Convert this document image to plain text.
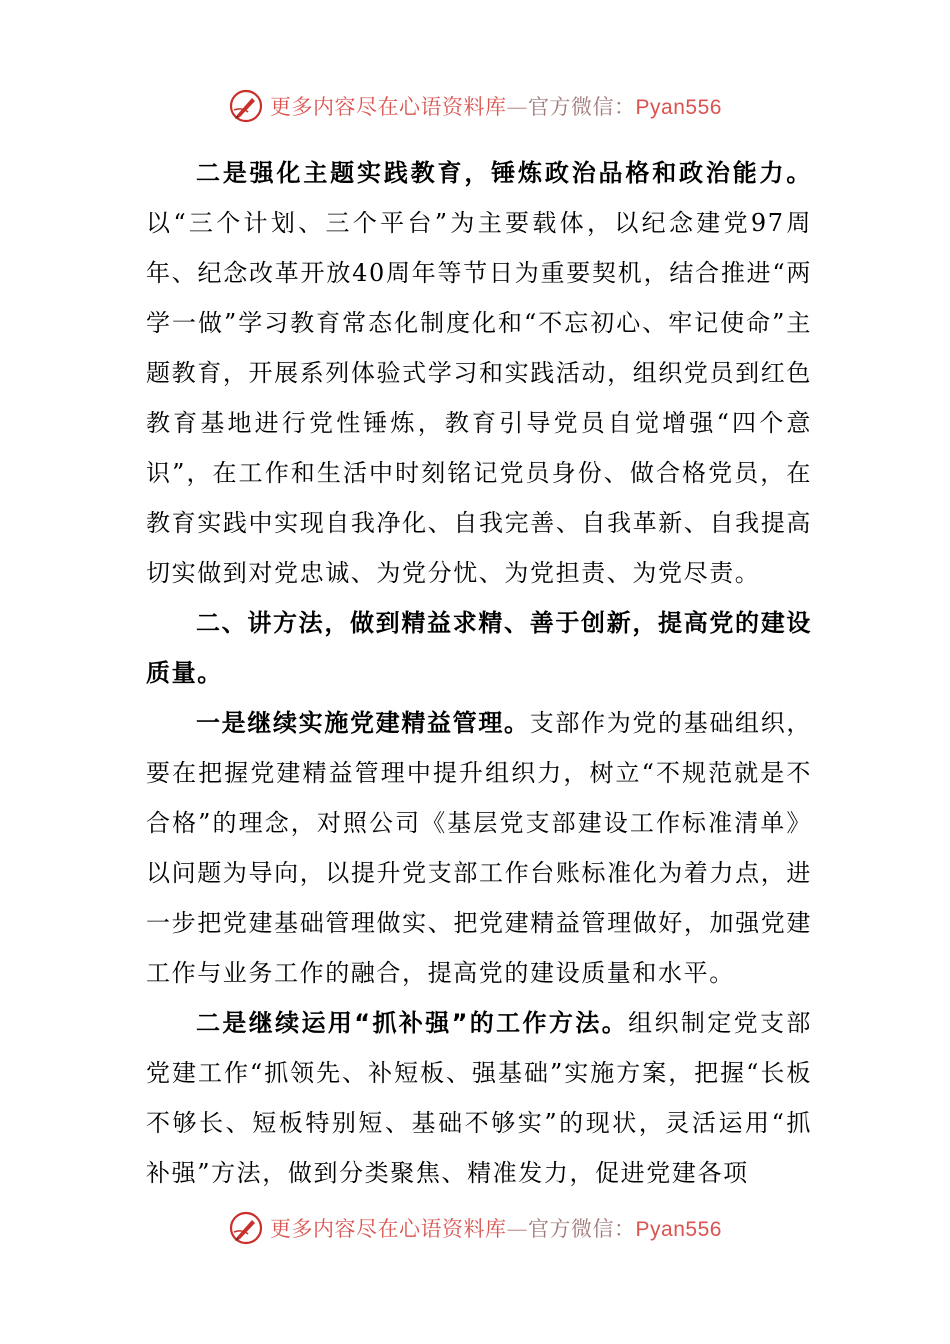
更多内容尽在心语资料库—官方微信：Pyan556

二是强化主题实践教育，锤炼政治品格和政治能力。以“三个计划、三个平台”为主要载体，以纪念建党97周年、纪念改革开放40周年等节日为重要契机，结合推进“两学一做”学习教育常态化制度化和“不忘初心、牢记使命”主题教育，开展系列体验式学习和实践活动，组织党员到红色教育基地进行党性锤炼，教育引导党员自觉增强“四个意识”，在工作和生活中时刻铭记党员身份、做合格党员，在教育实践中实现自我净化、自我完善、自我革新、自我提高切实做到对党忠诚、为党分忧、为党担责、为党尽责。

二、讲方法，做到精益求精、善于创新，提高党的建设质量。

一是继续实施党建精益管理。支部作为党的基础组织，要在把握党建精益管理中提升组织力，树立“不规范就是不合格”的理念，对照公司《基层党支部建设工作标准清单》以问题为导向，以提升党支部工作台账标准化为着力点，进一步把党建基础管理做实、把党建精益管理做好，加强党建工作与业务工作的融合，提高党的建设质量和水平。

二是继续运用“抓补强”的工作方法。组织制定党支部党建工作“抓领先、补短板、强基础”实施方案，把握“长板不够长、短板特别短、基础不够实”的现状，灵活运用“抓补强”方法，做到分类聚焦、精准发力，促进党建各项

更多内容尽在心语资料库—官方微信：Pyan556
